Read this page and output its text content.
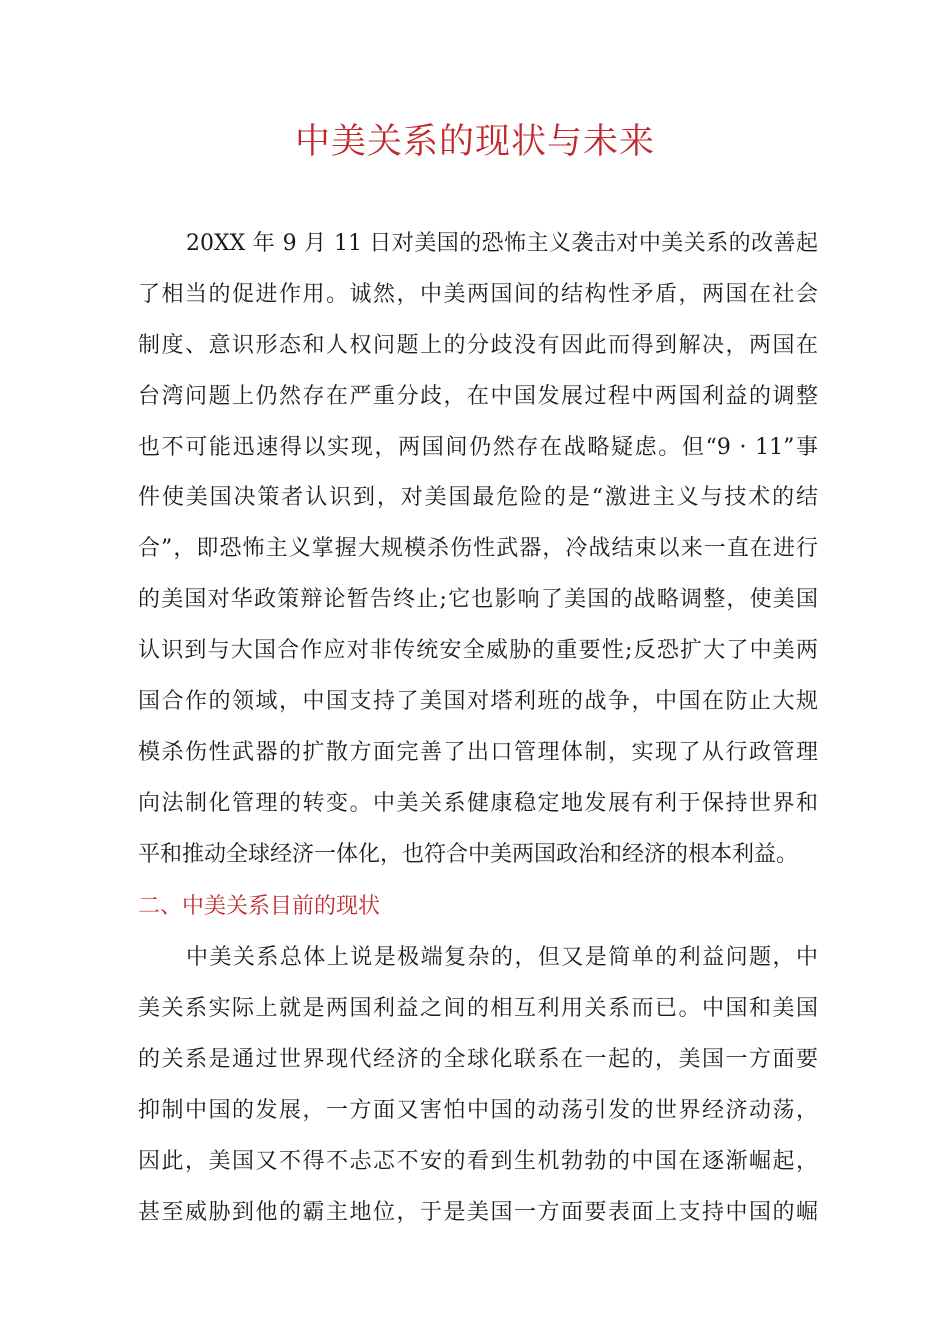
中美关系的现状与未来
20XX 年 9 月 11 日对美国的恐怖主义袭击对中美关系的改善起
了相当的促进作用。诚然，中美两国间的结构性矛盾，两国在社会
制度、意识形态和人权问题上的分歧没有因此而得到解决，两国在
台湾问题上仍然存在严重分歧，在中国发展过程中两国利益的调整
也不可能迅速得以实现，两国间仍然存在战略疑虑。但“9 · 11”事
件使美国决策者认识到，对美国最危险的是“激进主义与技术的结
合”，即恐怖主义掌握大规模杀伤性武器，冷战结束以来一直在进行
的美国对华政策辩论暂告终止;它也影响了美国的战略调整，使美国
认识到与大国合作应对非传统安全威胁的重要性;反恐扩大了中美两
国合作的领域，中国支持了美国对塔利班的战争，中国在防止大规
模杀伤性武器的扩散方面完善了出口管理体制，实现了从行政管理
向法制化管理的转变。中美关系健康稳定地发展有利于保持世界和
平和推动全球经济一体化，也符合中美两国政治和经济的根本利益。
二、中美关系目前的现状
中美关系总体上说是极端复杂的，但又是简单的利益问题，中
美关系实际上就是两国利益之间的相互利用关系而已。中国和美国
的关系是通过世界现代经济的全球化联系在一起的，美国一方面要
抑制中国的发展，一方面又害怕中国的动荡引发的世界经济动荡，
因此，美国又不得不忐忑不安的看到生机勃勃的中国在逐渐崛起，
甚至威胁到他的霸主地位，于是美国一方面要表面上支持中国的崛
